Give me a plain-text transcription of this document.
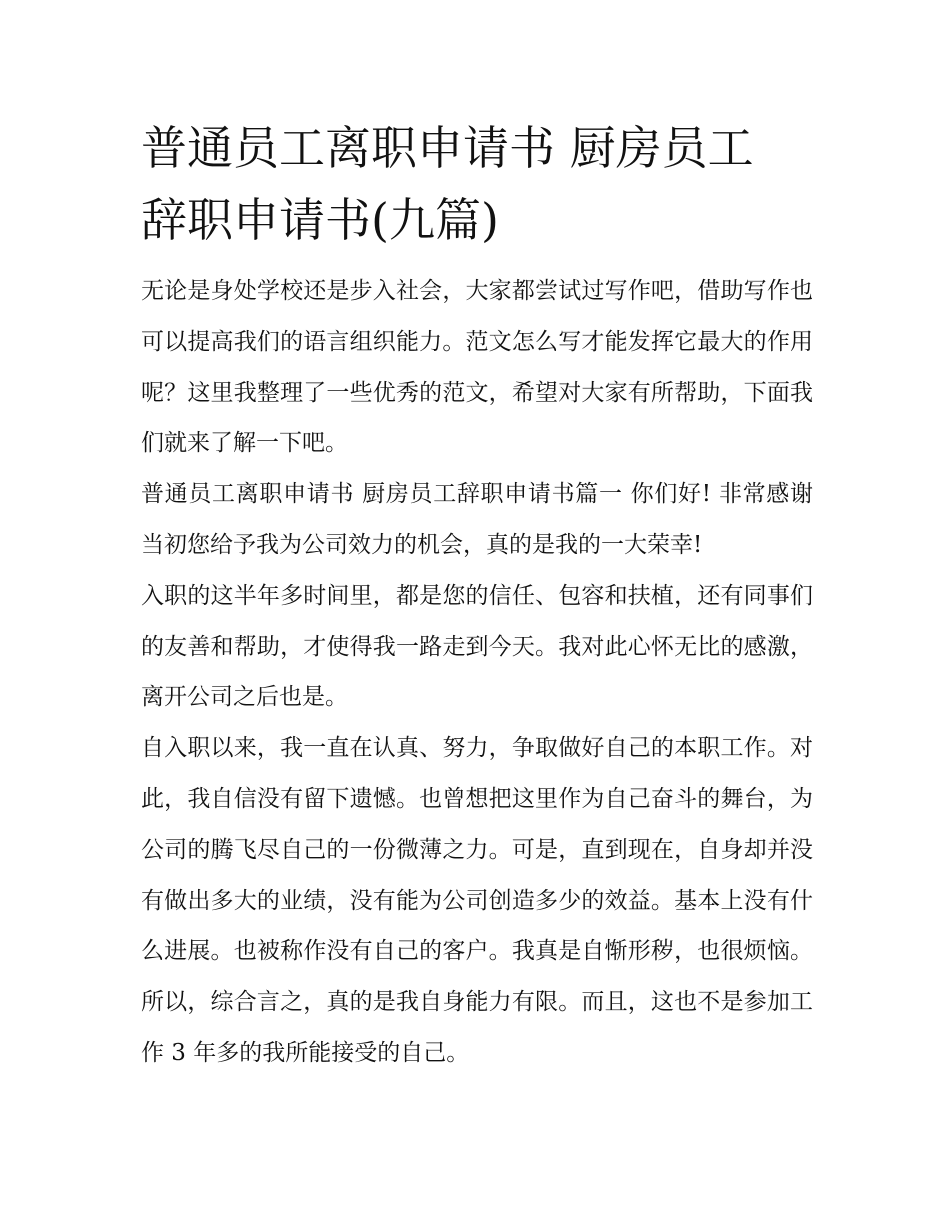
普通员工离职申请书 厨房员工
辞职申请书(九篇)

无论是身处学校还是步入社会，大家都尝试过写作吧，借助写作也可以提高我们的语言组织能力。范文怎么写才能发挥它最大的作用呢？这里我整理了一些优秀的范文，希望对大家有所帮助，下面我们就来了解一下吧。

普通员工离职申请书 厨房员工辞职申请书篇一 你们好! 非常感谢当初您给予我为公司效力的机会，真的是我的一大荣幸!

入职的这半年多时间里，都是您的信任、包容和扶植，还有同事们的友善和帮助，才使得我一路走到今天。我对此心怀无比的感激，离开公司之后也是。

自入职以来，我一直在认真、努力，争取做好自己的本职工作。对此，我自信没有留下遗憾。也曾想把这里作为自己奋斗的舞台，为公司的腾飞尽自己的一份微薄之力。可是，直到现在，自身却并没有做出多大的业绩，没有能为公司创造多少的效益。基本上没有什么进展。也被称作没有自己的客户。我真是自惭形秽，也很烦恼。所以，综合言之，真的是我自身能力有限。而且，这也不是参加工作 3 年多的我所能接受的自己。
